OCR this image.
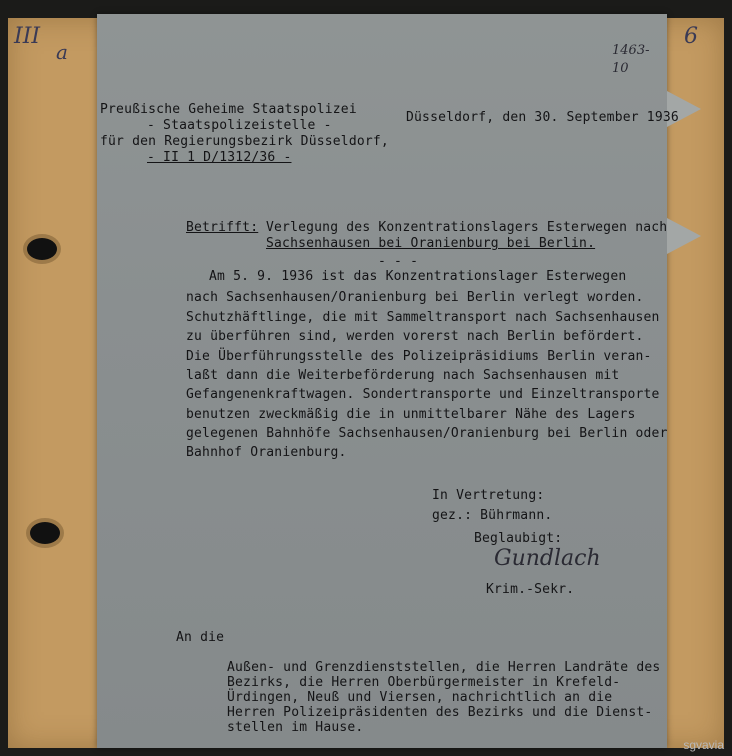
III
a
6
1463-
10
Preußische Geheime Staatspolizei
- Staatspolizeistelle -
für den Regierungsbezirk Düsseldorf,
- II 1 D/1312/36 -
Düsseldorf, den 30. September 1936
Betrifft: Verlegung des Konzentrationslagers Esterwegen nach
Sachsenhausen bei Oranienburg bei Berlin.
- - -
Am 5. 9. 1936 ist das Konzentrationslager Esterwegen
nach Sachsenhausen/Oranienburg bei Berlin verlegt worden.
Schutzhäftlinge, die mit Sammeltransport nach Sachsenhausen
zu überführen sind, werden vorerst nach Berlin befördert.
Die Überführungsstelle des Polizeipräsidiums Berlin veran-
laßt dann die Weiterbeförderung nach Sachsenhausen mit
Gefangenenkraftwagen. Sondertransporte und Einzeltransporte
benutzen zweckmäßig die in unmittelbarer Nähe des Lagers
gelegenen Bahnhöfe Sachsenhausen/Oranienburg bei Berlin oder
Bahnhof Oranienburg.
In Vertretung:
gez.: Bührmann.
Beglaubigt:
Gundlach
Krim.-Sekr.
An die
Außen- und Grenzdienststellen, die Herren Landräte des
Bezirks, die Herren Oberbürgermeister in Krefeld-
Ürdingen, Neuß und Viersen, nachrichtlich an die
Herren Polizeipräsidenten des Bezirks und die Dienst-
stellen im Hause.
sgvavia
